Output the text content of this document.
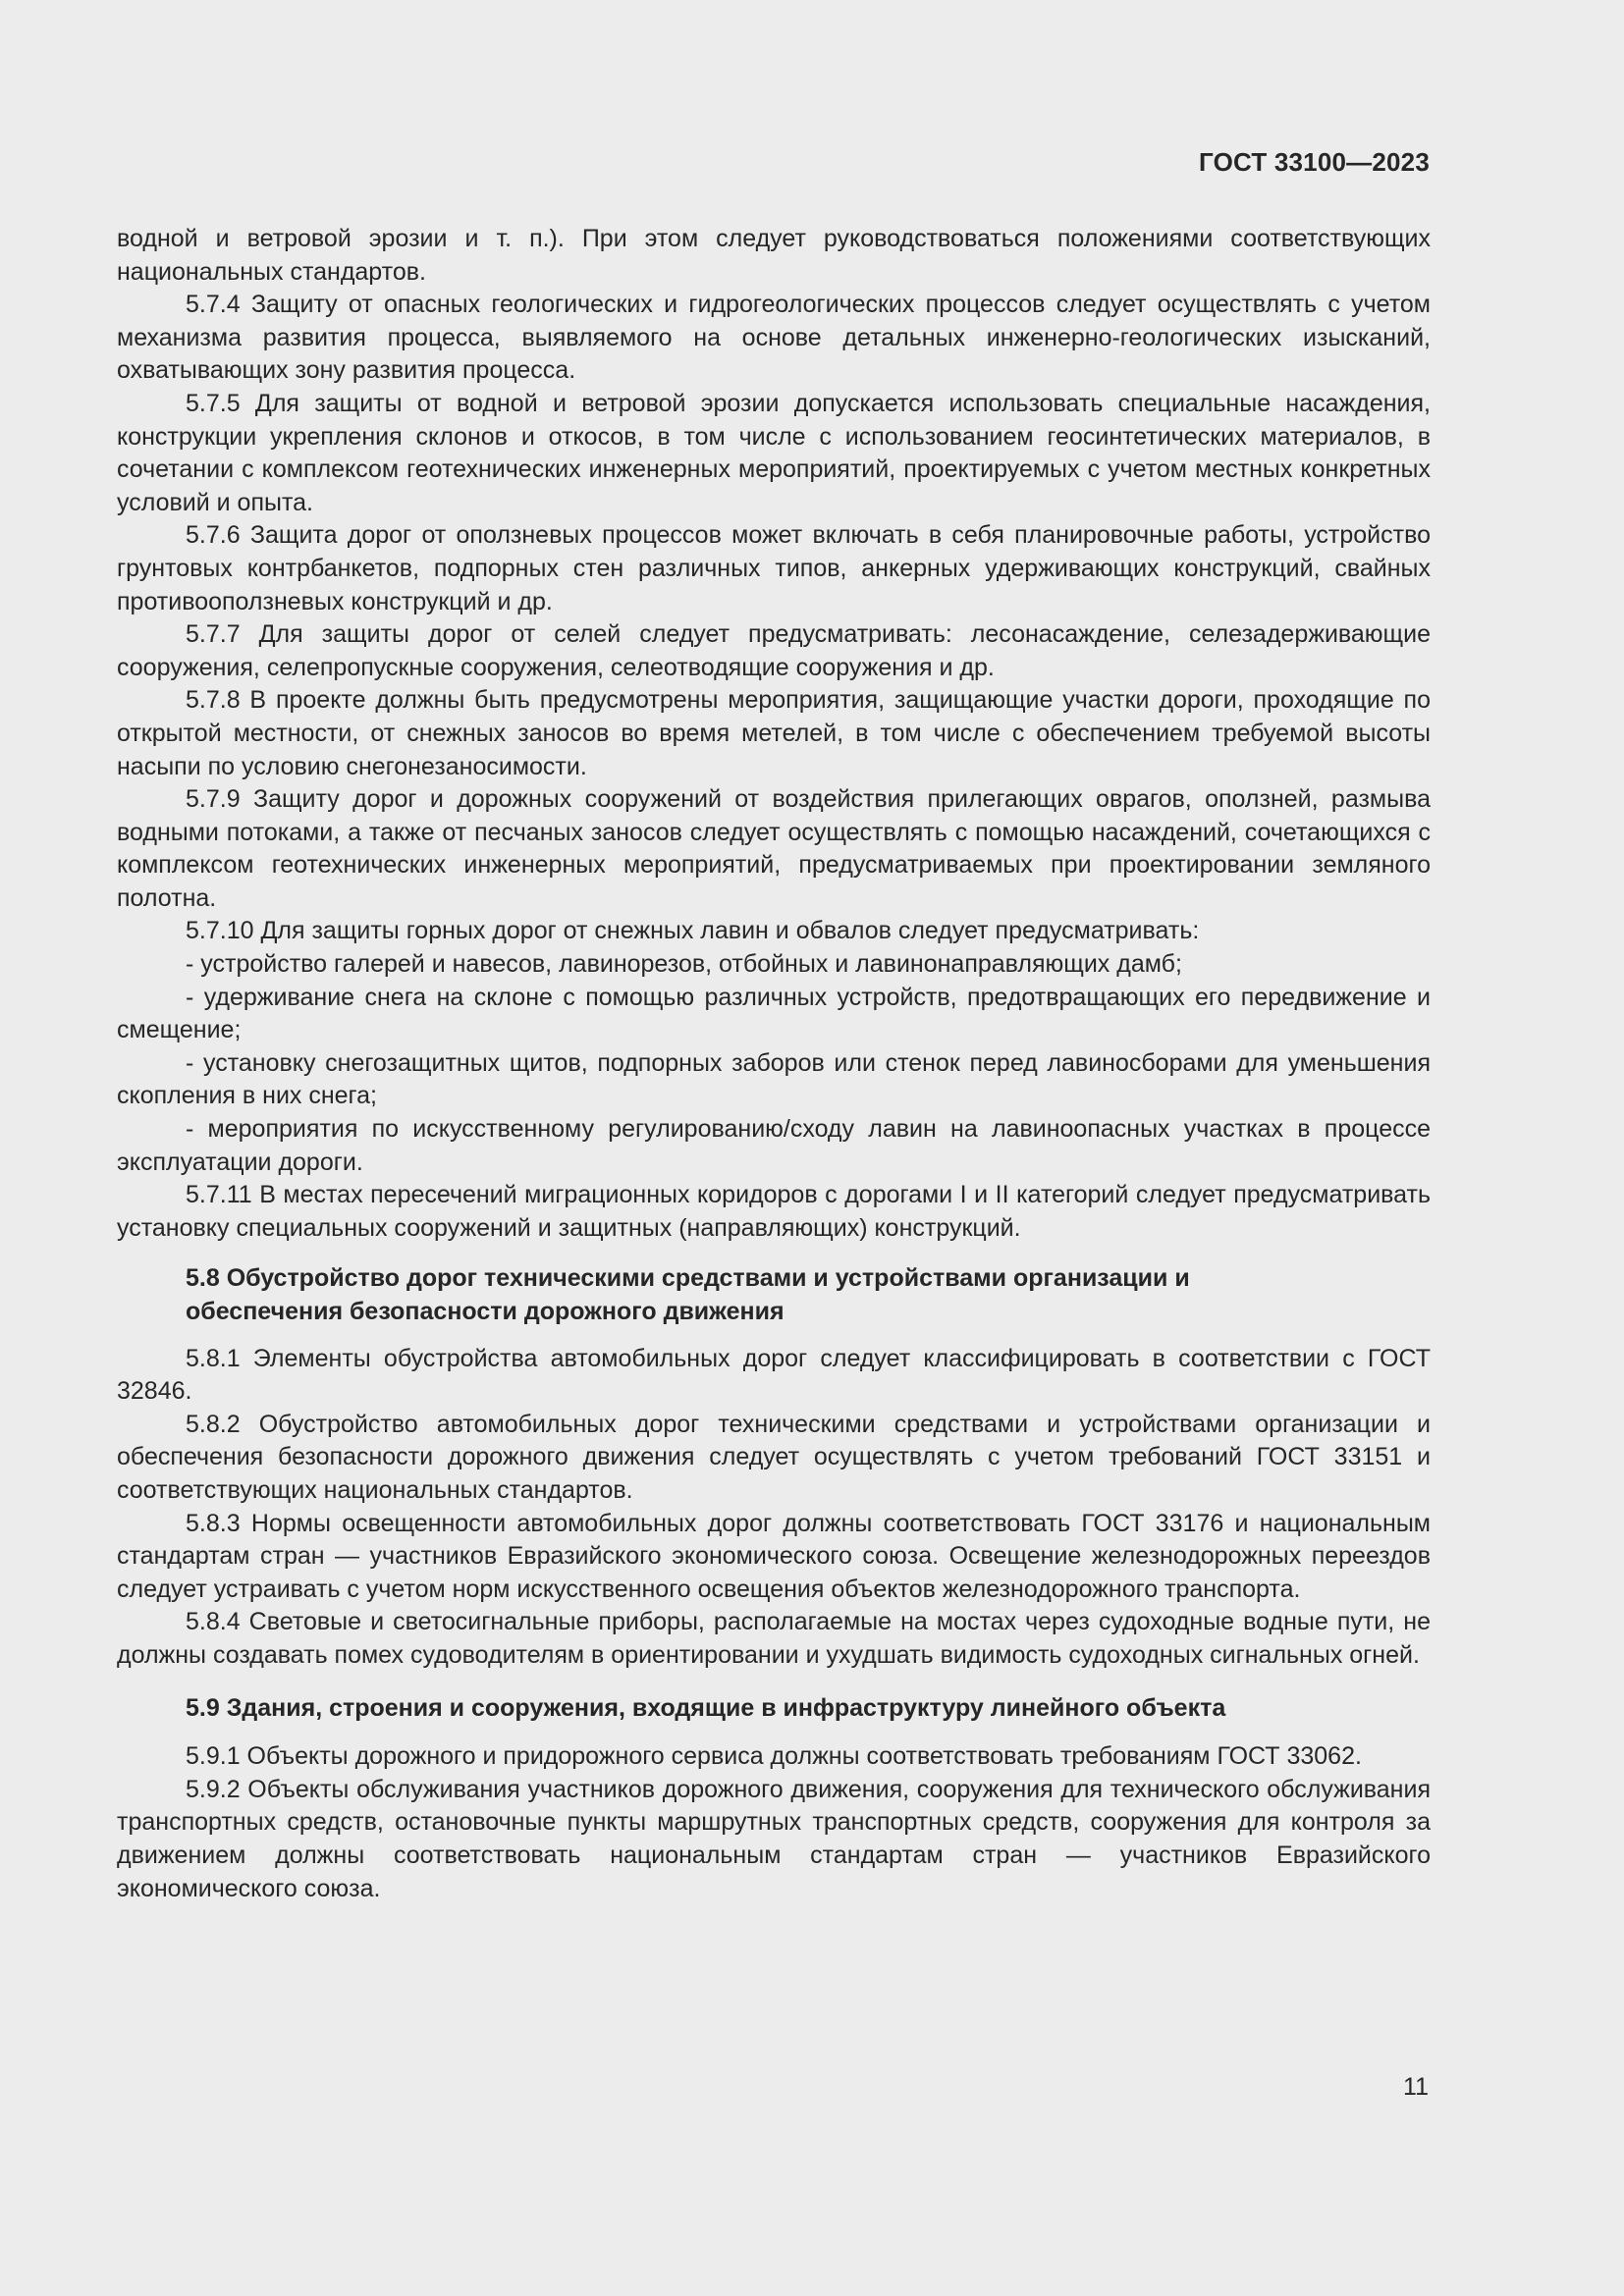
ГОСТ 33100—2023

водной и ветровой эрозии и т. п.). При этом следует руководствоваться положениями соответствующих национальных стандартов.

5.7.4 Защиту от опасных геологических и гидрогеологических процессов следует осуществлять с учетом механизма развития процесса, выявляемого на основе детальных инженерно-геологических изысканий, охватывающих зону развития процесса.

5.7.5 Для защиты от водной и ветровой эрозии допускается использовать специальные насаждения, конструкции укрепления склонов и откосов, в том числе с использованием геосинтетических материалов, в сочетании с комплексом геотехнических инженерных мероприятий, проектируемых с учетом местных конкретных условий и опыта.

5.7.6 Защита дорог от оползневых процессов может включать в себя планировочные работы, устройство грунтовых контрбанкетов, подпорных стен различных типов, анкерных удерживающих конструкций, свайных противооползневых конструкций и др.

5.7.7 Для защиты дорог от селей следует предусматривать: лесонасаждение, селезадерживающие сооружения, селепропускные сооружения, селеотводящие сооружения и др.

5.7.8 В проекте должны быть предусмотрены мероприятия, защищающие участки дороги, проходящие по открытой местности, от снежных заносов во время метелей, в том числе с обеспечением требуемой высоты насыпи по условию снегонезаносимости.

5.7.9 Защиту дорог и дорожных сооружений от воздействия прилегающих оврагов, оползней, размыва водными потоками, а также от песчаных заносов следует осуществлять с помощью насаждений, сочетающихся с комплексом геотехнических инженерных мероприятий, предусматриваемых при проектировании земляного полотна.

5.7.10 Для защиты горных дорог от снежных лавин и обвалов следует предусматривать:

- устройство галерей и навесов, лавинорезов, отбойных и лавинонаправляющих дамб;

- удерживание снега на склоне с помощью различных устройств, предотвращающих его передвижение и смещение;

- установку снегозащитных щитов, подпорных заборов или стенок перед лавиносборами для уменьшения скопления в них снега;

- мероприятия по искусственному регулированию/сходу лавин на лавиноопасных участках в процессе эксплуатации дороги.

5.7.11 В местах пересечений миграционных коридоров с дорогами I и II категорий следует предусматривать установку специальных сооружений и защитных (направляющих) конструкций.

5.8 Обустройство дорог техническими средствами и устройствами организации и обеспечения безопасности дорожного движения

5.8.1 Элементы обустройства автомобильных дорог следует классифицировать в соответствии с ГОСТ 32846.

5.8.2 Обустройство автомобильных дорог техническими средствами и устройствами организации и обеспечения безопасности дорожного движения следует осуществлять с учетом требований ГОСТ 33151 и соответствующих национальных стандартов.

5.8.3 Нормы освещенности автомобильных дорог должны соответствовать ГОСТ 33176 и национальным стандартам стран — участников Евразийского экономического союза. Освещение железнодорожных переездов следует устраивать с учетом норм искусственного освещения объектов железнодорожного транспорта.

5.8.4 Световые и светосигнальные приборы, располагаемые на мостах через судоходные водные пути, не должны создавать помех судоводителям в ориентировании и ухудшать видимость судоходных сигнальных огней.

5.9 Здания, строения и сооружения, входящие в инфраструктуру линейного объекта

5.9.1 Объекты дорожного и придорожного сервиса должны соответствовать требованиям ГОСТ 33062.

5.9.2 Объекты обслуживания участников дорожного движения, сооружения для технического обслуживания транспортных средств, остановочные пункты маршрутных транспортных средств, сооружения для контроля за движением должны соответствовать национальным стандартам стран — участников Евразийского экономического союза.

11
